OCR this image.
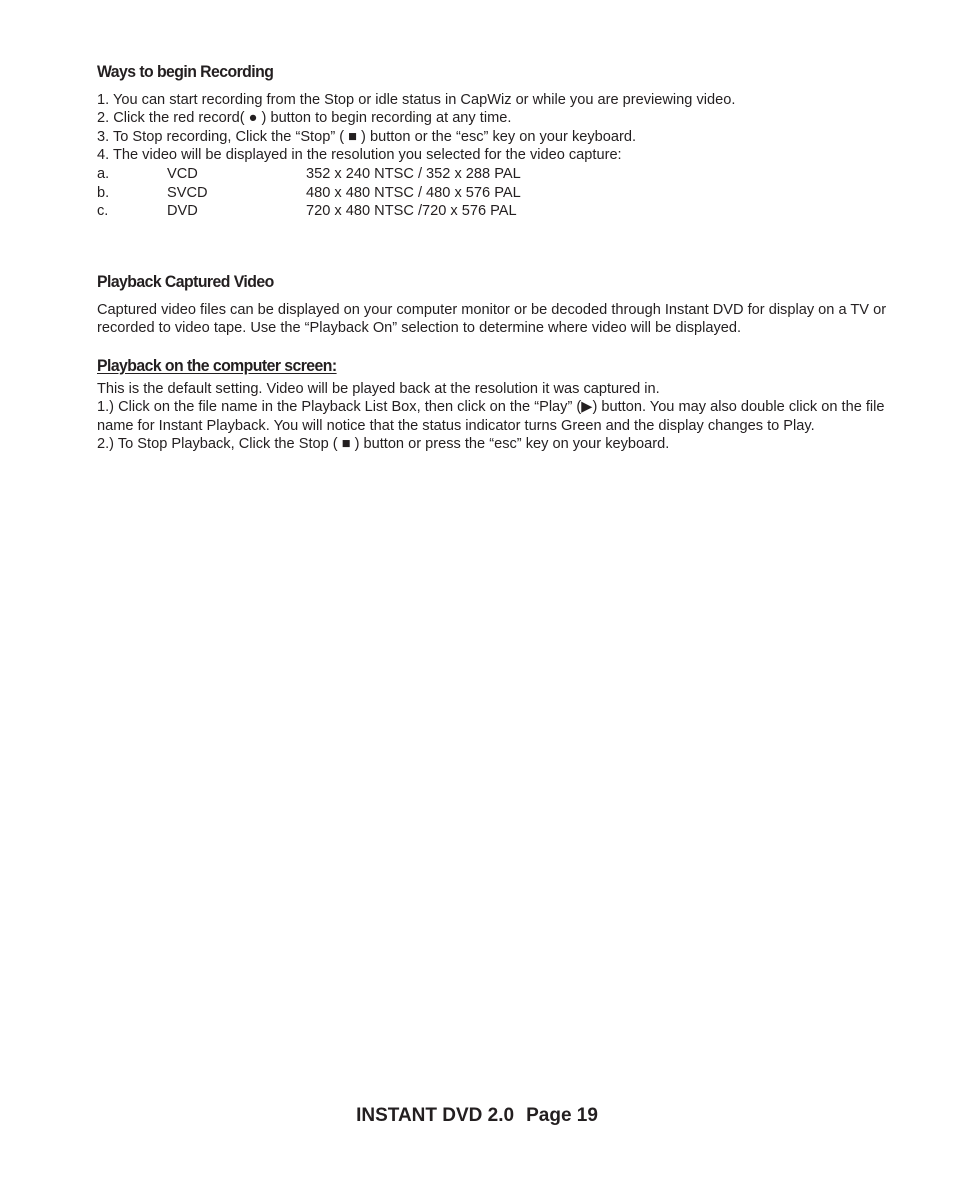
Ways to begin Recording
1. You can start recording from the Stop or idle status in CapWiz or while you are previewing video.
2. Click the red record( ● ) button to begin recording at any time.
3. To Stop recording, Click the “Stop” ( ■ ) button or the “esc” key on your keyboard.
4. The video will be displayed in the resolution you selected for the video capture:
a.	VCD	352 x 240 NTSC / 352 x 288 PAL
b.	SVCD	480 x 480 NTSC / 480 x 576 PAL
c.	DVD	720 x 480 NTSC /720 x 576 PAL
Playback Captured Video

Captured video files can be displayed on your computer monitor or be decoded through Instant DVD for display on a TV or recorded to video tape. Use the “Playback On” selection to determine where video will be displayed.

Playback on the computer screen:

This is the default setting. Video will be played back at the resolution it was captured in.

1.) Click on the file name in the Playback List Box, then click on the “Play” (▶) button. You may also double click on the file name for Instant Playback. You will notice that the status indicator turns Green and the display changes to Play.

2.) To Stop Playback, Click the Stop ( ■ ) button or press the “esc” key on your keyboard.

INSTANT DVD 2.0 Page 19
